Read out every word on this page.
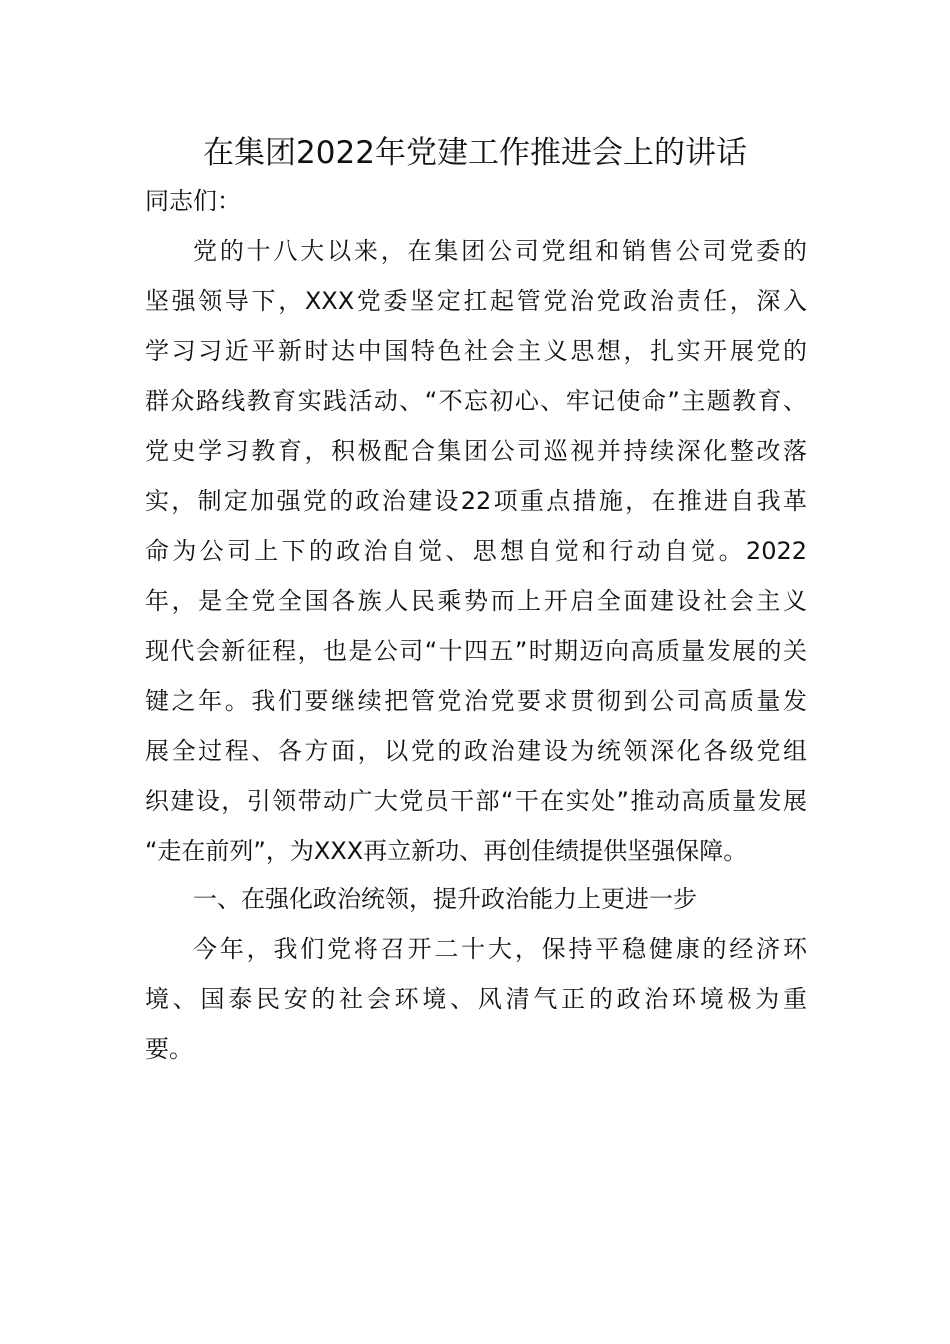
在集团2022年党建工作推进会上的讲话

同志们：

党的十八大以来，在集团公司党组和销售公司党委的
坚强领导下，XXX党委坚定扛起管党治党政治责任，深入
学习习近平新时达中国特色社会主义思想，扎实开展党的
群众路线教育实践活动、“不忘初心、牢记使命”主题教育、
党史学习教育，积极配合集团公司巡视并持续深化整改落
实，制定加强党的政治建设22项重点措施，在推进自我革
命为公司上下的政治自觉、思想自觉和行动自觉。2022
年，是全党全国各族人民乘势而上开启全面建设社会主义
现代会新征程，也是公司“十四五”时期迈向高质量发展的关
键之年。我们要继续把管党治党要求贯彻到公司高质量发
展全过程、各方面，以党的政治建设为统领深化各级党组
织建设，引领带动广大党员干部“干在实处”推动高质量发展
“走在前列”，为XXX再立新功、再创佳绩提供坚强保障。
一、在强化政治统领，提升政治能力上更进一步
今年，我们党将召开二十大，保持平稳健康的经济环
境、国泰民安的社会环境、风清气正的政治环境极为重
要。
